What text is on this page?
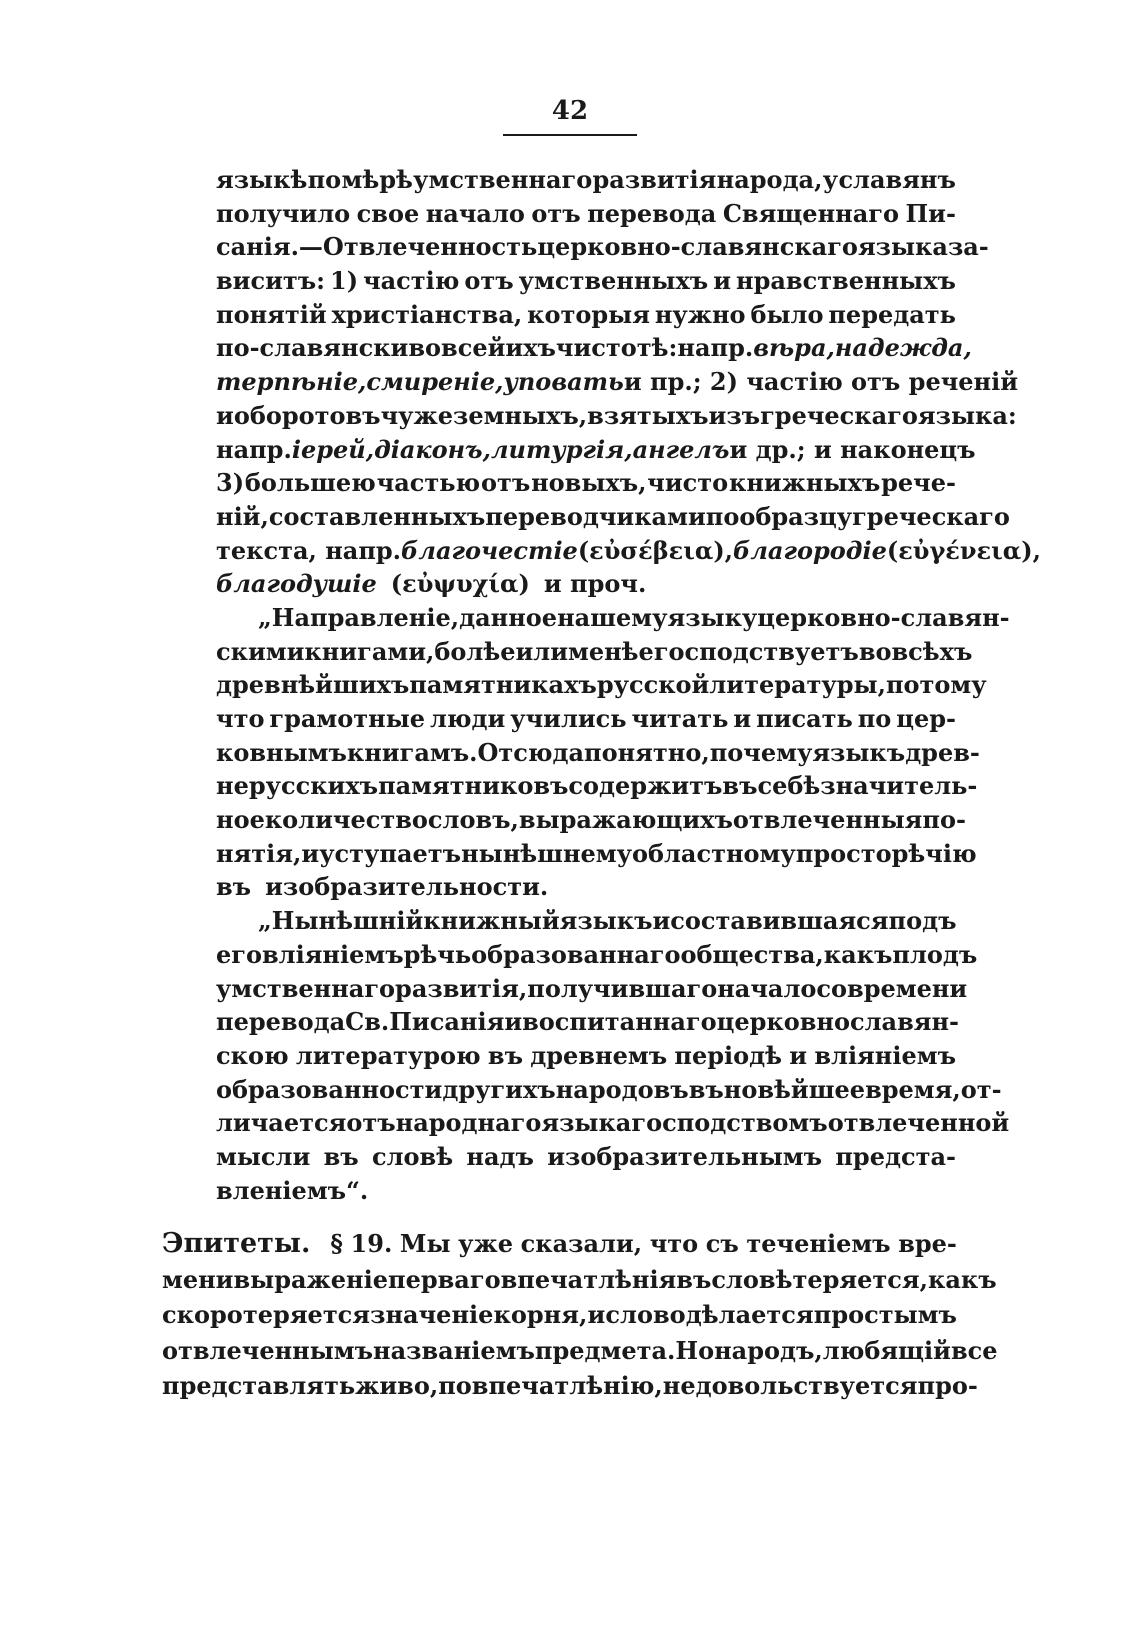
42
языкѣ по мѣрѣ умственнаго развитія народа, у славянъ
получило свое начало отъ перевода Священнаго Пи-
санія.—Отвлеченность церковно-славянскаго языка за-
виситъ: 1) частію отъ умственныхъ и нравственныхъ
понятій христіанства, которыя нужно было передать
по-славянски во всей ихъ чистотѣ: напр. вѣра, надежда,
терпѣніе, смиреніе, уповать и пр.; 2) частію отъ реченій
и оборотовъ чужеземныхъ, взятыхъ изъ греческаго языка:
напр. іерей, діаконъ, литургія, ангелъ и др.; и наконецъ
3) большею частью отъ новыхъ, чисто книжныхъ рече-
ній, составленныхъ переводчиками по образцу греческаго
текста, напр. благочестіе (εὐσέβεια), благородіе (εὐγένεια),
благодушіе (εὐψυχία) и проч.
„Направленіе, данное нашему языку церковно-славян-
скими книгами, болѣе или менѣе господствуетъ во всѣхъ
древнѣйшихъ памятникахъ русской литературы, потому
что грамотные люди учились читать и писать по цер-
ковнымъ книгамъ. Отсюда понятно, почему языкъ древ-
нерусскихъ памятниковъ содержитъ въ себѣ значитель-
ное количество словъ, выражающихъ отвлеченныя по-
нятія, и уступаетъ нынѣшнему областному просторѣчію
въ изобразительности.
„Нынѣшній книжный языкъ и составившаяся подъ
его вліяніемъ рѣчь образованнаго общества, какъ плодъ
умственнаго развитія, получившаго начало со времени
перевода Св. Писанія и воспитаннаго церковнославян-
скою литературою въ древнемъ періодѣ и вліяніемъ
образованности другихъ народовъ въ новѣйшее время, от-
личается отъ народнаго языка господствомъ отвлеченной
мысли въ словѣ надъ изобразительнымъ предста-
вленіемъ“.
Эпитеты. § 19. Мы уже сказали, что съ теченіемъ вре-
мени выраженіе перваго впечатлѣнія въ словѣ теряется, какъ
скоро теряется значеніе корня, и слово дѣлается простымъ
отвлеченнымъ названіемъ предмета. Но народъ, любящій все
представлять живо, по впечатлѣнію, не довольствуется про-
